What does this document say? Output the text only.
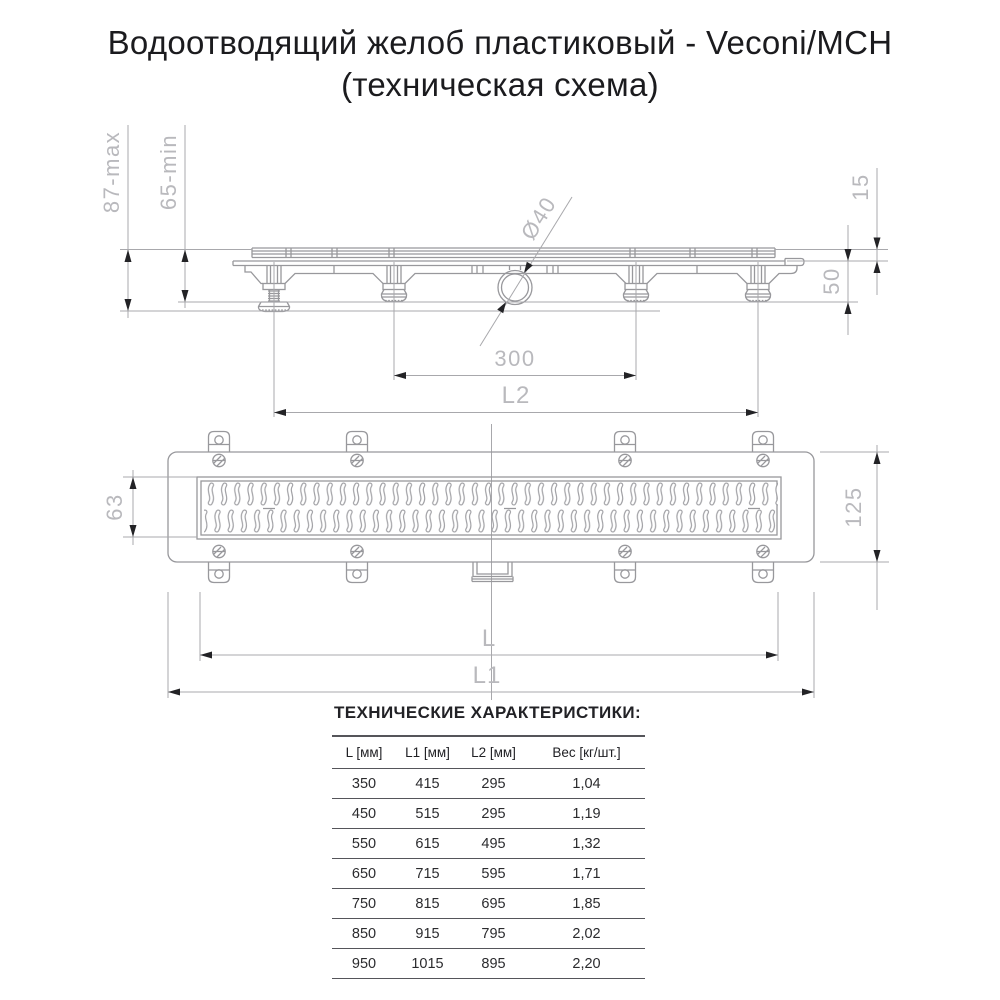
Водоотводящий желоб пластиковый - Veconi/MCH
(техническая схема)
87-max 65-min	15
50
Ø40
300
L2
63	125
L
L1
ТЕХНИЧЕСКИЕ ХАРАКТЕРИСТИКИ:
L [мм]	L1 [мм]	L2 [мм]	Вес [кг/шт.]
350	415	295	1,04
450	515	295	1,19
550	615	495	1,32
650	715	595	1,71
750	815	695	1,85
850	915	795	2,02
950	1015	895	2,20
